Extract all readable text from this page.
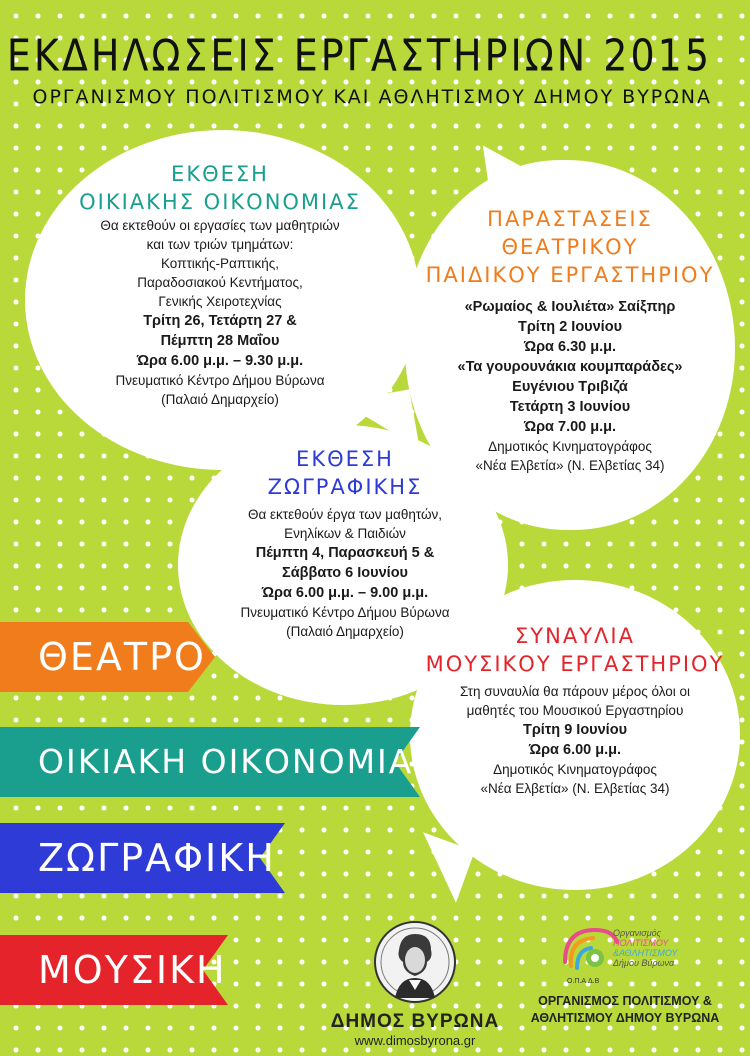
ΕΚΔΗΛΩΣΕΙΣ ΕΡΓΑΣΤΗΡΙΩΝ 2015
ΟΡΓΑΝΙΣΜΟΥ ΠΟΛΙΤΙΣΜΟΥ ΚΑΙ ΑΘΛΗΤΙΣΜΟΥ ΔΗΜΟΥ ΒΥΡΩΝΑ
ΕΚΘΕΣΗ
ΟΙΚΙΑΚΗΣ ΟΙΚΟΝΟΜΙΑΣ
Θα εκτεθούν οι εργασίες των μαθητριών
και των τριών τμημάτων:
Κοπτικής-Ραπτικής,
Παραδοσιακού Κεντήματος,
Γενικής Χειροτεχνίας
Τρίτη 26, Τετάρτη 27 &
Πέμπτη 28 Μαΐου
Ώρα 6.00 μ.μ. – 9.30 μ.μ.
Πνευματικό Κέντρο Δήμου Βύρωνα
(Παλαιό Δημαρχείο)
ΠΑΡΑΣΤΑΣΕΙΣ
ΘΕΑΤΡΙΚΟΥ
ΠΑΙΔΙΚΟΥ ΕΡΓΑΣΤΗΡΙΟΥ
«Ρωμαίος & Ιουλιέτα» Σαίξπηρ
Τρίτη 2 Ιουνίου
Ώρα 6.30 μ.μ.
«Τα γουρουνάκια κουμπαράδες»
Ευγένιου Τριβιζά
Τετάρτη 3 Ιουνίου
Ώρα 7.00 μ.μ.
Δημοτικός Κινηματογράφος
«Νέα Ελβετία» (Ν. Ελβετίας 34)
ΕΚΘΕΣΗ
ΖΩΓΡΑΦΙΚΗΣ
Θα εκτεθούν έργα των μαθητών,
Ενηλίκων & Παιδιών
Πέμπτη 4, Παρασκευή 5 &
Σάββατο 6 Ιουνίου
Ώρα 6.00 μ.μ. – 9.00 μ.μ.
Πνευματικό Κέντρο Δήμου Βύρωνα
(Παλαιό Δημαρχείο)	ΣΥΝΑΥΛΙΑ
ΜΟΥΣΙΚΟΥ ΕΡΓΑΣΤΗΡΙΟΥ
Στη συναυλία θα πάρουν μέρος όλοι οι
μαθητές του Μουσικού Εργαστηρίου
Τρίτη 9 Ιουνίου
Ώρα 6.00 μ.μ.
Δημοτικός Κινηματογράφος
«Νέα Ελβετία» (Ν. Ελβετίας 34)
ΘΕΑΤΡΟ
ΟΙΚΙΑΚΗ ΟΙΚΟΝΟΜΙΑ
ΖΩΓΡΑΦΙΚΗ
ΜΟΥΣΙΚΗ
ΔΗΜΟΣ ΒΥΡΩΝΑ
www.dimosbyrona.gr
Οργανισμός
ΠΟΛΙΤΙΣΜΟΥ
&ΑΘΛΗΤΙΣΜΟΥ
Δήμου Βύρωνα
Ο.Π.Α.Δ.Β
ΟΡΓΑΝΙΣΜΟΣ ΠΟΛΙΤΙΣΜΟΥ &
ΑΘΛΗΤΙΣΜΟΥ ΔΗΜΟΥ ΒΥΡΩΝΑ
